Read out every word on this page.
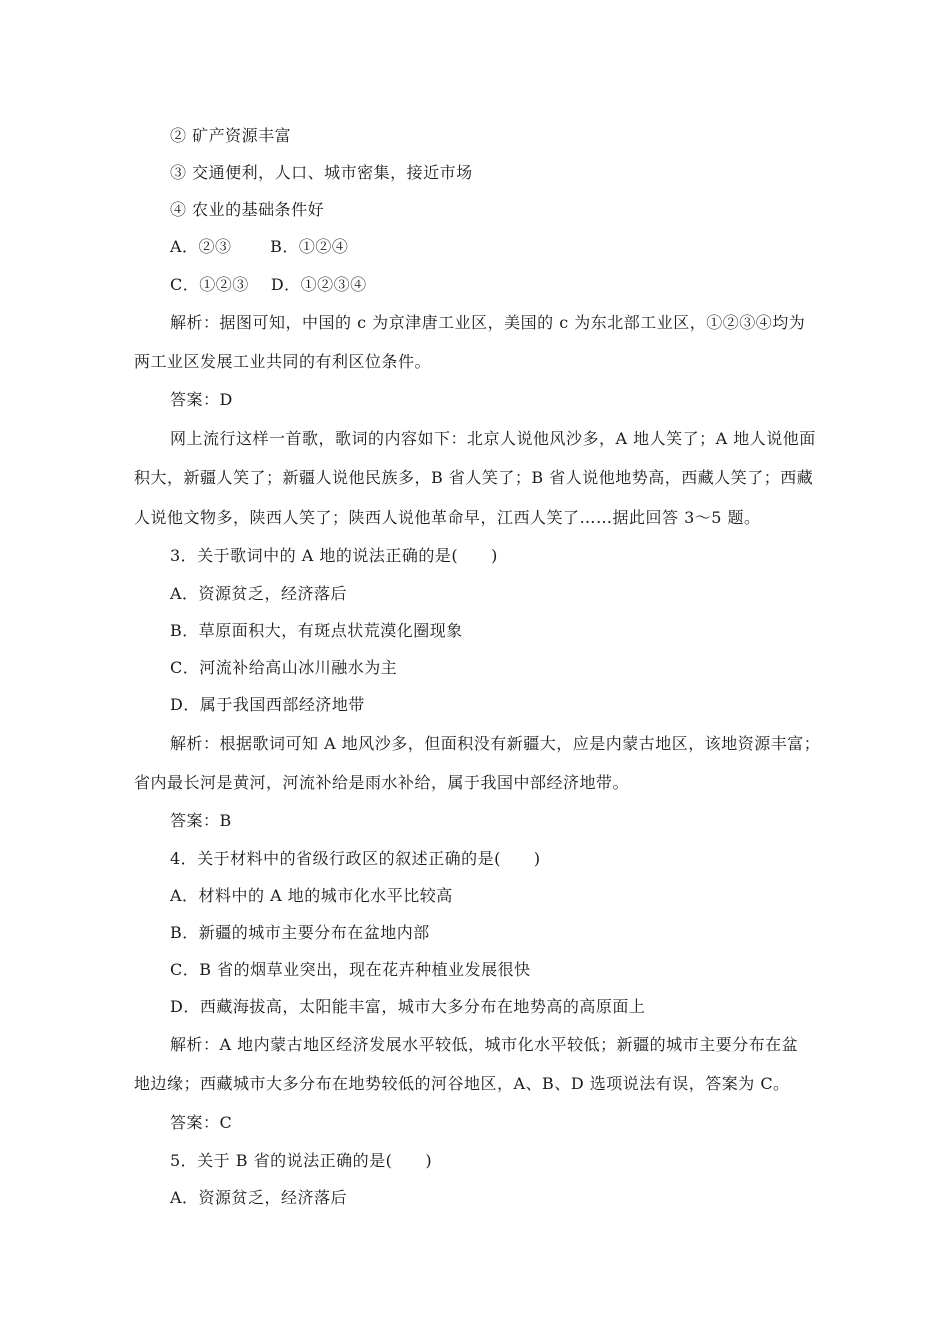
② 矿产资源丰富
③ 交通便利，人口、城市密集，接近市场
④ 农业的基础条件好
A．②③　　 B．①②④
C．①②③　 D．①②③④
解析：据图可知，中国的 c 为京津唐工业区，美国的 c 为东北部工业区，①②③④均为
两工业区发展工业共同的有利区位条件。
答案：D
网上流行这样一首歌，歌词的内容如下：北京人说他风沙多，A 地人笑了；A 地人说他面
积大，新疆人笑了；新疆人说他民族多，B 省人笑了；B 省人说他地势高，西藏人笑了；西藏
人说他文物多，陕西人笑了；陕西人说他革命早，江西人笑了……据此回答 3～5 题。
3．关于歌词中的 A 地的说法正确的是(　　)
A．资源贫乏，经济落后
B．草原面积大，有斑点状荒漠化圈现象
C．河流补给高山冰川融水为主
D．属于我国西部经济地带
解析：根据歌词可知 A 地风沙多，但面积没有新疆大，应是内蒙古地区，该地资源丰富；
省内最长河是黄河，河流补给是雨水补给，属于我国中部经济地带。
答案：B
4．关于材料中的省级行政区的叙述正确的是(　　)
A．材料中的 A 地的城市化水平比较高
B．新疆的城市主要分布在盆地内部
C．B 省的烟草业突出，现在花卉种植业发展很快
D．西藏海拔高，太阳能丰富，城市大多分布在地势高的高原面上
解析：A 地内蒙古地区经济发展水平较低，城市化水平较低；新疆的城市主要分布在盆
地边缘；西藏城市大多分布在地势较低的河谷地区，A、B、D 选项说法有误，答案为 C。
答案：C
5．关于 B 省的说法正确的是(　　)
A．资源贫乏，经济落后
